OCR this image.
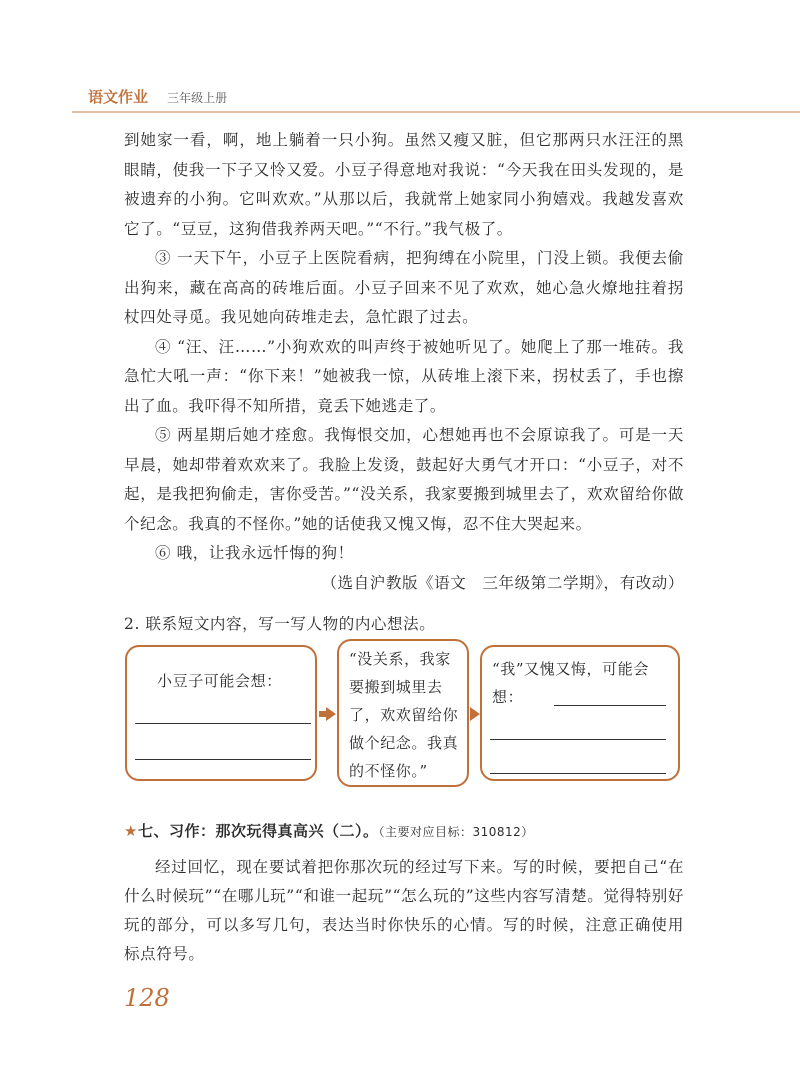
语文作业 三年级上册

到她家一看，啊，地上躺着一只小狗。虽然又瘦又脏，但它那两只水汪汪的黑眼睛，使我一下子又怜又爱。小豆子得意地对我说：“今天我在田头发现的，是被遗弃的小狗。它叫欢欢。”从那以后，我就常上她家同小狗嬉戏。我越发喜欢它了。“豆豆，这狗借我养两天吧。”“不行。”我气极了。

③ 一天下午，小豆子上医院看病，把狗缚在小院里，门没上锁。我便去偷出狗来，藏在高高的砖堆后面。小豆子回来不见了欢欢，她心急火燎地拄着拐杖四处寻觅。我见她向砖堆走去，急忙跟了过去。

④ “汪、汪……”小狗欢欢的叫声终于被她听见了。她爬上了那一堆砖。我急忙大吼一声：“你下来！”她被我一惊，从砖堆上滚下来，拐杖丢了，手也擦出了血。我吓得不知所措，竟丢下她逃走了。

⑤ 两星期后她才痊愈。我悔恨交加，心想她再也不会原谅我了。可是一天早晨，她却带着欢欢来了。我脸上发烫，鼓起好大勇气才开口：“小豆子，对不起，是我把狗偷走，害你受苦。”“没关系，我家要搬到城里去了，欢欢留给你做个纪念。我真的不怪你。”她的话使我又愧又悔，忍不住大哭起来。

⑥ 哦，让我永远忏悔的狗！

（选自沪教版《语文　三年级第二学期》，有改动）

2. 联系短文内容，写一写人物的内心想法。

小豆子可能会想：
“没关系，我家要搬到城里去了，欢欢留给你做个纪念。我真的不怪你。”
“我”又愧又悔，可能会想：
★七、习作：那次玩得真高兴（二）。（主要对应目标：310812）

经过回忆，现在要试着把你那次玩的经过写下来。写的时候，要把自己“在什么时候玩”“在哪儿玩”“和谁一起玩”“怎么玩的”这些内容写清楚。觉得特别好玩的部分，可以多写几句，表达当时你快乐的心情。写的时候，注意正确使用标点符号。

128
